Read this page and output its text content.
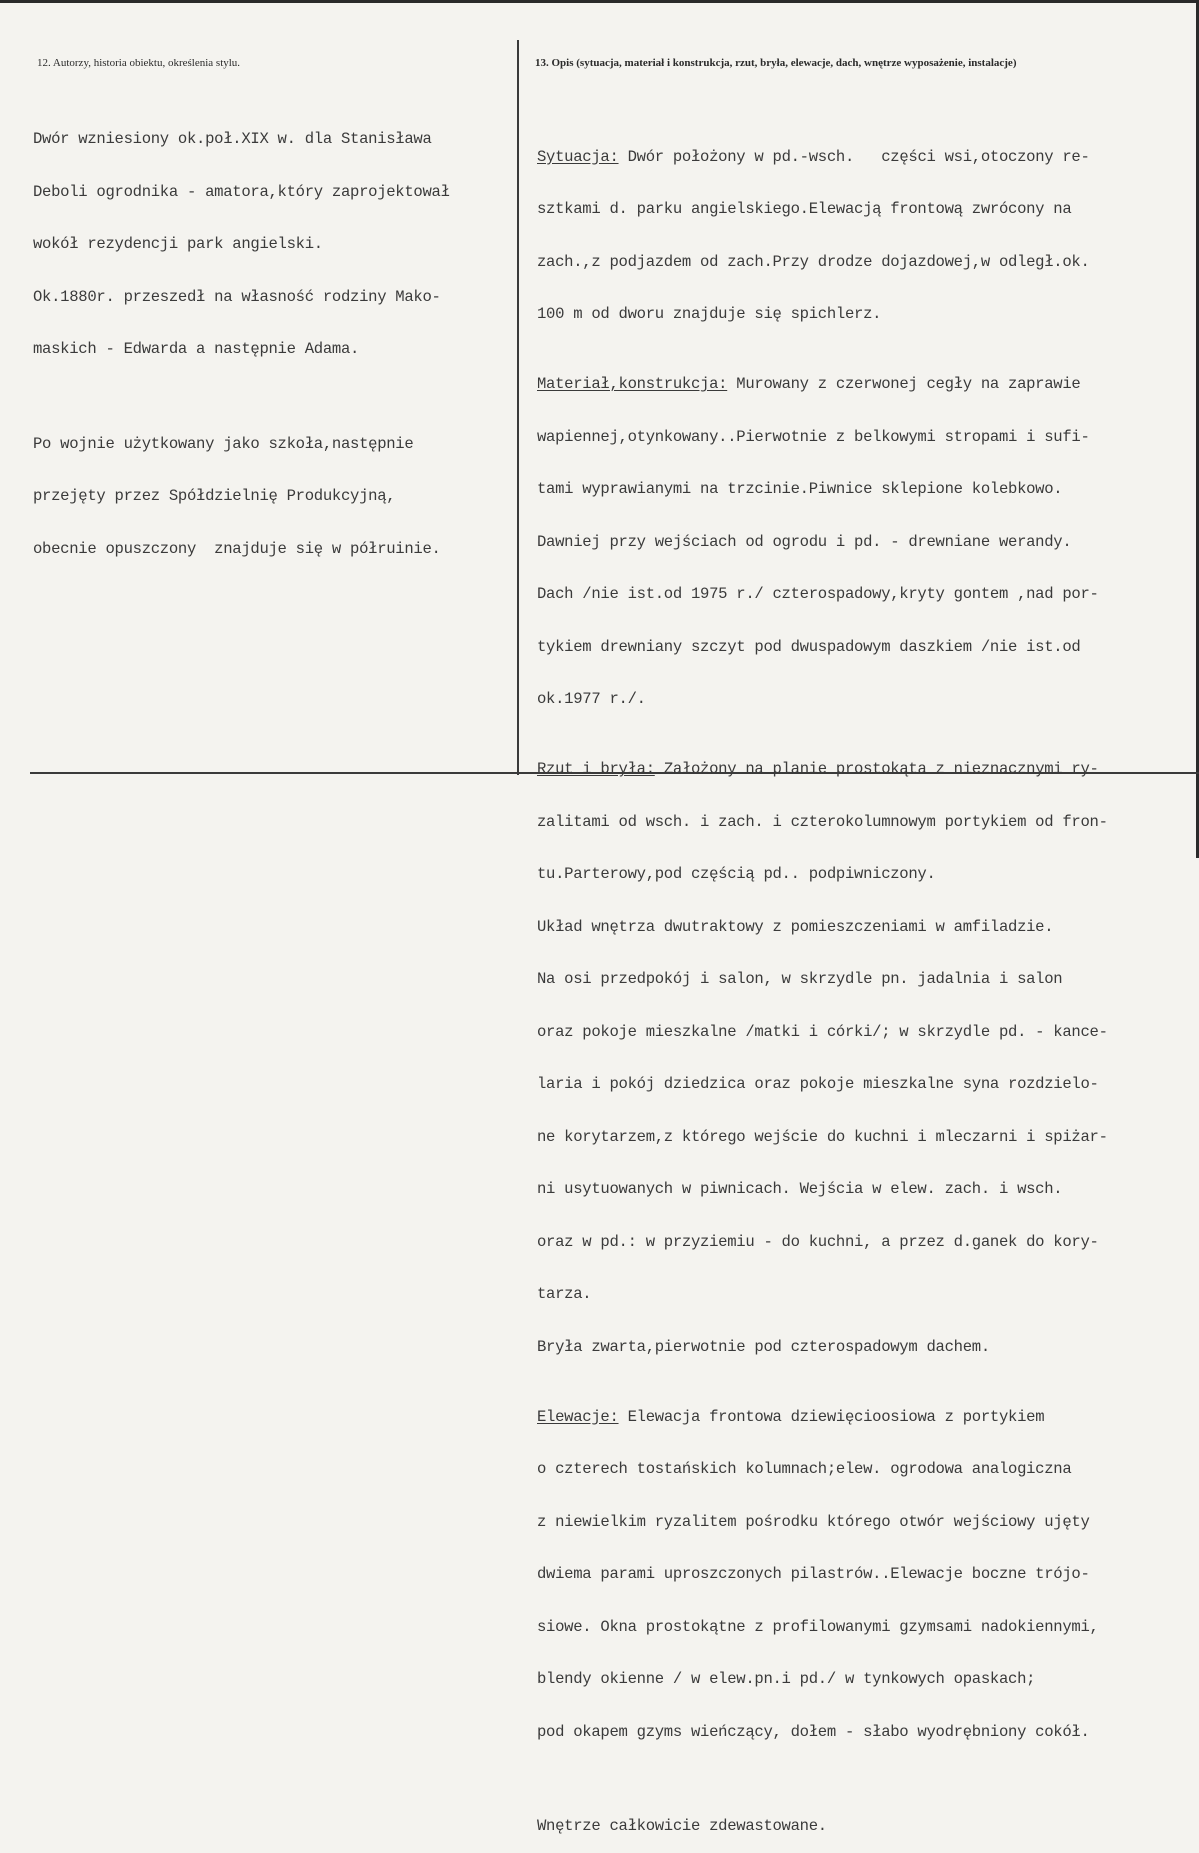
12. Autorzy, historia obiektu, określenia stylu.	13. Opis (sytuacja, materiał i konstrukcja, rzut, bryła, elewacje, dach, wnętrze wyposażenie, instalacje)

Dwór wzniesiony ok.poł.XIX w. dla Stanisława

Deboli ogrodnika - amatora,który zaprojektował

wokół rezydencji park angielski.

Ok.1880r. przeszedł na własność rodziny Mako-

maskich - Edwarda a następnie Adama.

Po wojnie użytkowany jako szkoła,następnie

przejęty przez Spółdzielnię Produkcyjną,

obecnie opuszczony  znajduje się w półruinie.

Sytuacja: Dwór położony w pd.-wsch.   części wsi,otoczony re-

sztkami d. parku angielskiego.Elewacją frontową zwrócony na

zach.,z podjazdem od zach.Przy drodze dojazdowej,w odległ.ok.

100 m od dworu znajduje się spichlerz.

Materiał,konstrukcja: Murowany z czerwonej cegły na zaprawie

wapiennej,otynkowany..Pierwotnie z belkowymi stropami i sufi-

tami wyprawianymi na trzcinie.Piwnice sklepione kolebkowo.

Dawniej przy wejściach od ogrodu i pd. - drewniane werandy.

Dach /nie ist.od 1975 r./ czterospadowy,kryty gontem ,nad por-

tykiem drewniany szczyt pod dwuspadowym daszkiem /nie ist.od

ok.1977 r./.

Rzut i bryła: Założony na planie prostokąta z nieznacznymi ry-

zalitami od wsch. i zach. i czterokolumnowym portykiem od fron-

tu.Parterowy,pod częścią pd.. podpiwniczony.

Układ wnętrza dwutraktowy z pomieszczeniami w amfiladzie.

Na osi przedpokój i salon, w skrzydle pn. jadalnia i salon

oraz pokoje mieszkalne /matki i córki/; w skrzydle pd. - kance-

laria i pokój dziedzica oraz pokoje mieszkalne syna rozdzielo-

ne korytarzem,z którego wejście do kuchni i mleczarni i spiżar-

ni usytuowanych w piwnicach. Wejścia w elew. zach. i wsch.

oraz w pd.: w przyziemiu - do kuchni, a przez d.ganek do kory-

tarza.

Bryła zwarta,pierwotnie pod czterospadowym dachem.

Elewacje: Elewacja frontowa dziewięcioosiowa z portykiem

o czterech tostańskich kolumnach;elew. ogrodowa analogiczna

z niewielkim ryzalitem pośrodku którego otwór wejściowy ujęty

dwiema parami uproszczonych pilastrów..Elewacje boczne trójo-

siowe. Okna prostokątne z profilowanymi gzymsami nadokiennymi,

blendy okienne / w elew.pn.i pd./ w tynkowych opaskach;

pod okapem gzyms wieńczący, dołem - słabo wyodrębniony cokół.

Wnętrze całkowicie zdewastowane.
